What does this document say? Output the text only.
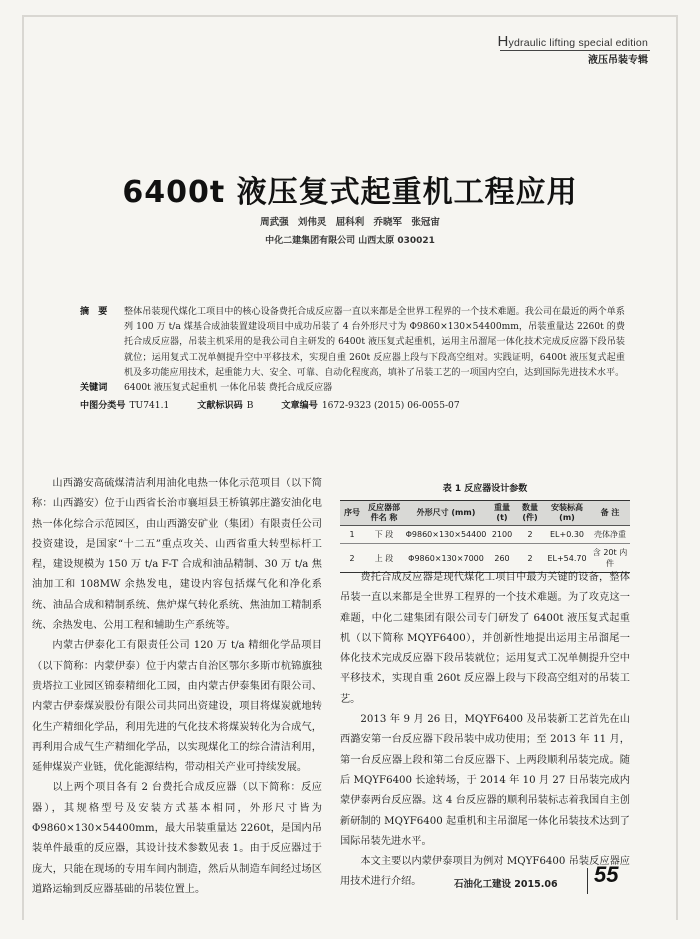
Hydraulic lifting special edition
液压吊装专辑
6400t 液压复式起重机工程应用
周武强 刘伟灵 屈科利 乔晓军 张冠宙
中化二建集团有限公司 山西太原 030021
摘　要	整体吊装现代煤化工项目中的核心设备费托合成反应器一直以来都是全世界工程界的一个技术难题。我公司在最近的两个单系列 100 万 t/a 煤基合成油装置建设项目中成功吊装了 4 台外形尺寸为 Φ9860×130×54400mm，吊装重量达 2260t 的费托合成反应器，吊装主机采用的是我公司自主研发的 6400t 液压复式起重机，运用主吊溜尾一体化技术完成反应器下段吊装就位；运用复式工况单侧提升空中平移技术，实现自重 260t 反应器上段与下段高空组对。实践证明，6400t 液压复式起重机及多功能应用技术，起重能力大、安全、可靠、自动化程度高，填补了吊装工艺的一项国内空白，达到国际先进技术水平。
关键词	6400t 液压复式起重机 一体化吊装 费托合成反应器
中图分类号 TU741.1	文献标识码 B	文章编号 1672-9323 (2015) 06-0055-07

山西潞安高硫煤清洁利用油化电热一体化示范项目（以下简称：山西潞安）位于山西省长治市襄垣县王桥镇郭庄潞安油化电热一体化综合示范园区，由山西潞安矿业（集团）有限责任公司投资建设，是国家“十二五”重点攻关、山西省重大转型标杆工程，建设规模为 150 万 t/a F-T 合成和油品精制、30 万 t/a 焦油加工和 108MW 余热发电，建设内容包括煤气化和净化系统、油品合成和精制系统、焦炉煤气转化系统、焦油加工精制系统、余热发电、公用工程和辅助生产系统等。

内蒙古伊泰化工有限责任公司 120 万 t/a 精细化学品项目（以下简称：内蒙伊泰）位于内蒙古自治区鄂尔多斯市杭锦旗独贵塔拉工业园区锦泰精细化工园，由内蒙古伊泰集团有限公司、内蒙古伊泰煤炭股份有限公司共同出资建设，项目将煤炭就地转化生产精细化学品，利用先进的气化技术将煤炭转化为合成气，再利用合成气生产精细化学品，以实现煤化工的综合清洁利用，延伸煤炭产业链，优化能源结构，带动相关产业可持续发展。

以上两个项目各有 2 台费托合成反应器（以下简称：反应器），其规格型号及安装方式基本相同，外形尺寸皆为 Φ9860×130×54400mm，最大吊装重量达 2260t，是国内吊装单件最重的反应器，其设计技术参数见表 1。由于反应器过于庞大，只能在现场的专用车间内制造，然后从制造车间经过场区道路运输到反应器基础的吊装位置上。

表 1 反应器设计参数
序号	反应器部件名 称	外形尺寸 (mm)	重量 (t)	数量 (件)	安装标高 (m)	备 注
1	下 段	Φ9860×130×54400	2100	2	EL+0.30	壳体净重
2	上 段	Φ9860×130×7000	260	2	EL+54.70	含 20t 内件

费托合成反应器是现代煤化工项目中最为关键的设备，整体吊装一直以来都是全世界工程界的一个技术难题。为了攻克这一难题，中化二建集团有限公司专门研发了 6400t 液压复式起重机（以下简称 MQYF6400），并创新性地提出运用主吊溜尾一体化技术完成反应器下段吊装就位；运用复式工况单侧提升空中平移技术，实现自重 260t 反应器上段与下段高空组对的吊装工艺。

2013 年 9 月 26 日，MQYF6400 及吊装新工艺首先在山西潞安第一台反应器下段吊装中成功使用；至 2013 年 11 月，第一台反应器上段和第二台反应器下、上两段顺利吊装完成。随后 MQYF6400 长途转场，于 2014 年 10 月 27 日吊装完成内蒙伊泰两台反应器。这 4 台反应器的顺利吊装标志着我国自主创新研制的 MQYF6400 起重机和主吊溜尾一体化吊装技术达到了国际吊装先进水平。

本文主要以内蒙伊泰项目为例对 MQYF6400 吊装反应器应用技术进行介绍。	石油化工建设 2015.06 55
